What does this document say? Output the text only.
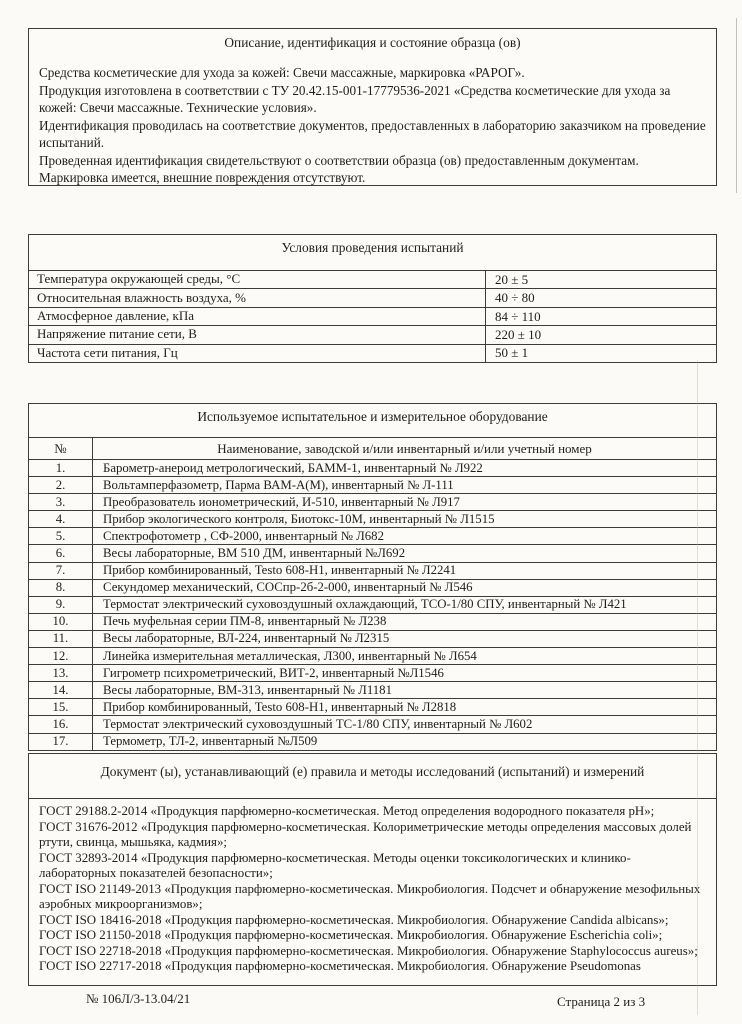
Описание, идентификация и состояние образца (ов)

Средства косметические для ухода за кожей: Свечи массажные, маркировка «РАРОГ».

Продукция изготовлена в соответствии с ТУ 20.42.15-001-17779536-2021 «Средства косметические для ухода за кожей: Свечи массажные. Технические условия».

Идентификация проводилась на соответствие документов, предоставленных в лабораторию заказчиком на проведение испытаний.

Проведенная идентификация свидетельствуют о соответствии образца (ов) предоставленным документам.

Маркировка имеется, внешние повреждения отсутствуют.

Условия проведения испытаний
Температура окружающей среды, °С	20 ± 5
Относительная влажность воздуха, %	40 ÷ 80
Атмосферное давление, кПа	84 ÷ 110
Напряжение питание сети, В	220 ± 10
Частота сети питания, Гц	50 ± 1
Используемое испытательное и измерительное оборудование
№	Наименование, заводской и/или инвентарный и/или учетный номер
1.	Барометр-анероид метрологический, БАММ-1, инвентарный № Л922
2.	Вольтамперфазометр, Парма ВАМ-А(М), инвентарный № Л-111
3.	Преобразователь ионометрический, И-510, инвентарный № Л917
4.	Прибор экологического контроля, Биотокс-10М, инвентарный № Л1515
5.	Спектрофотометр , СФ-2000, инвентарный № Л682
6.	Весы лабораторные, ВМ 510 ДМ, инвентарный №Л692
7.	Прибор комбинированный, Testo 608-H1, инвентарный № Л2241
8.	Секундомер механический, СОСпр-2б-2-000, инвентарный № Л546
9.	Термостат электрический суховоздушный охлаждающий, ТСО-1/80 СПУ, инвентарный № Л421
10.	Печь муфельная серии ПМ-8, инвентарный № Л238
11.	Весы лабораторные, ВЛ-224, инвентарный № Л2315
12.	Линейка измерительная металлическая, Л300, инвентарный № Л654
13.	Гигрометр психрометрический, ВИТ-2, инвентарный №Л1546
14.	Весы лабораторные, ВМ-313, инвентарный № Л1181
15.	Прибор комбинированный, Testo 608-H1, инвентарный № Л2818
16.	Термостат электрический суховоздушный ТС-1/80 СПУ, инвентарный № Л602
17.	Термометр, ТЛ-2, инвентарный №Л509
Документ (ы), устанавливающий (е) правила и методы исследований (испытаний) и измерений
ГОСТ 29188.2-2014 «Продукция парфюмерно-косметическая. Метод определения водородного показателя pH»;
ГОСТ 31676-2012 «Продукция парфюмерно-косметическая. Колориметрические методы определения массовых долей ртути, свинца, мышьяка, кадмия»;
ГОСТ 32893-2014 «Продукция парфюмерно-косметическая. Методы оценки токсикологических и клинико-лабораторных показателей безопасности»;
ГОСТ ISO 21149-2013 «Продукция парфюмерно-косметическая. Микробиология. Подсчет и обнаружение мезофильных аэробных микроорганизмов»;
ГОСТ ISO 18416-2018 «Продукция парфюмерно-косметическая. Микробиология. Обнаружение Candida albicans»;
ГОСТ ISO 21150-2018 «Продукция парфюмерно-косметическая. Микробиология. Обнаружение Escherichia coli»;
ГОСТ ISO 22718-2018 «Продукция парфюмерно-косметическая. Микробиология. Обнаружение Staphylococcus aureus»;
ГОСТ ISO 22717-2018 «Продукция парфюмерно-косметическая. Микробиология. Обнаружение Pseudomonas
№ 106Л/3-13.04/21	Страница 2 из 3
